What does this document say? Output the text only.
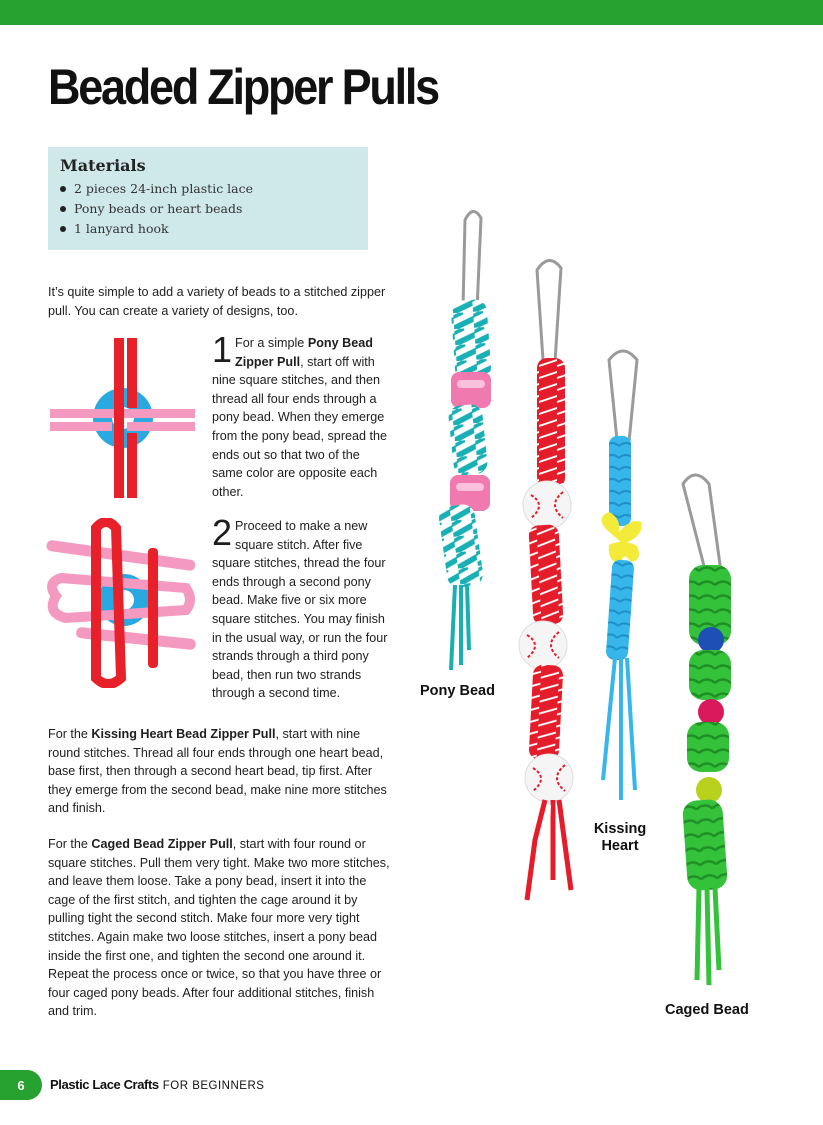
Beaded Zipper Pulls
Materials
2 pieces 24-inch plastic lace
Pony beads or heart beads
1 lanyard hook

It’s quite simple to add a variety of beads to a stitched zipper pull. You can create a variety of designs, too.

1 For a simple Pony Bead Zipper Pull, start off with nine square stitches, and then thread all four ends through a pony bead. When they emerge from the pony bead, spread the ends out so that two of the same color are opposite each other.

2 Proceed to make a new square stitch. After five square stitches, thread the four ends through a second pony bead. Make five or six more square stitches. You may finish in the usual way, or run the four strands through a third pony bead, then run two strands through a second time.

For the Kissing Heart Bead Zipper Pull, start with nine round stitches. Thread all four ends through one heart bead, base first, then through a second heart bead, tip first. After they emerge from the second bead, make nine more stitches and finish.

For the Caged Bead Zipper Pull, start with four round or square stitches. Pull them very tight. Make two more stitches, and leave them loose. Take a pony bead, insert it into the cage of the first stitch, and tighten the cage around it by pulling tight the second stitch. Make four more very tight stitches. Again make two loose stitches, insert a pony bead inside the first one, and tighten the second one around it. Repeat the process once or twice, so that you have three or four caged pony beads. After four additional stitches, finish and trim.

Pony Bead
Kissing
Heart
Caged Bead
6	Plastic Lace Crafts FOR BEGINNERS
